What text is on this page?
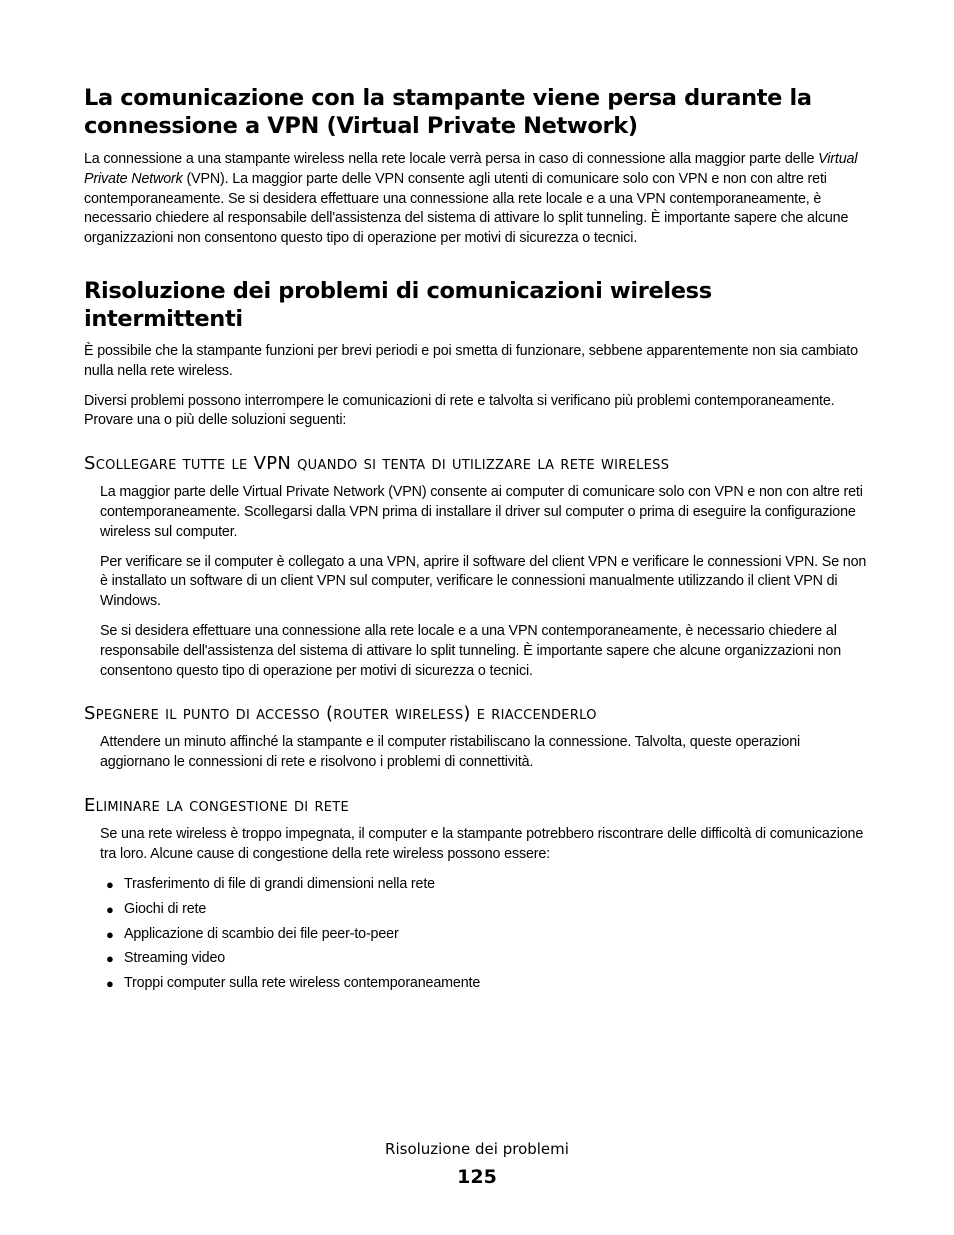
La comunicazione con la stampante viene persa durante la connessione a VPN (Virtual Private Network)

La connessione a una stampante wireless nella rete locale verrà persa in caso di connessione alla maggior parte delle Virtual Private Network (VPN). La maggior parte delle VPN consente agli utenti di comunicare solo con VPN e non con altre reti contemporaneamente. Se si desidera effettuare una connessione alla rete locale e a una VPN contemporaneamente, è necessario chiedere al responsabile dell'assistenza del sistema di attivare lo split tunneling. È importante sapere che alcune organizzazioni non consentono questo tipo di operazione per motivi di sicurezza o tecnici.

Risoluzione dei problemi di comunicazioni wireless intermittenti

È possibile che la stampante funzioni per brevi periodi e poi smetta di funzionare, sebbene apparentemente non sia cambiato nulla nella rete wireless.

Diversi problemi possono interrompere le comunicazioni di rete e talvolta si verificano più problemi contemporaneamente. Provare una o più delle soluzioni seguenti:

Scollegare tutte le VPN quando si tenta di utilizzare la rete wireless

La maggior parte delle Virtual Private Network (VPN) consente ai computer di comunicare solo con VPN e non con altre reti contemporaneamente. Scollegarsi dalla VPN prima di installare il driver sul computer o prima di eseguire la configurazione wireless sul computer.

Per verificare se il computer è collegato a una VPN, aprire il software del client VPN e verificare le connessioni VPN. Se non è installato un software di un client VPN sul computer, verificare le connessioni manualmente utilizzando il client VPN di Windows.

Se si desidera effettuare una connessione alla rete locale e a una VPN contemporaneamente, è necessario chiedere al responsabile dell'assistenza del sistema di attivare lo split tunneling. È importante sapere che alcune organizzazioni non consentono questo tipo di operazione per motivi di sicurezza o tecnici.

Spegnere il punto di accesso (router wireless) e riaccenderlo

Attendere un minuto affinché la stampante e il computer ristabiliscano la connessione. Talvolta, queste operazioni aggiornano le connessioni di rete e risolvono i problemi di connettività.

Eliminare la congestione di rete

Se una rete wireless è troppo impegnata, il computer e la stampante potrebbero riscontrare delle difficoltà di comunicazione tra loro. Alcune cause di congestione della rete wireless possono essere:

● Trasferimento di file di grandi dimensioni nella rete
● Giochi di rete
● Applicazione di scambio dei file peer-to-peer
● Streaming video
● Troppi computer sulla rete wireless contemporaneamente
Risoluzione dei problemi
125
